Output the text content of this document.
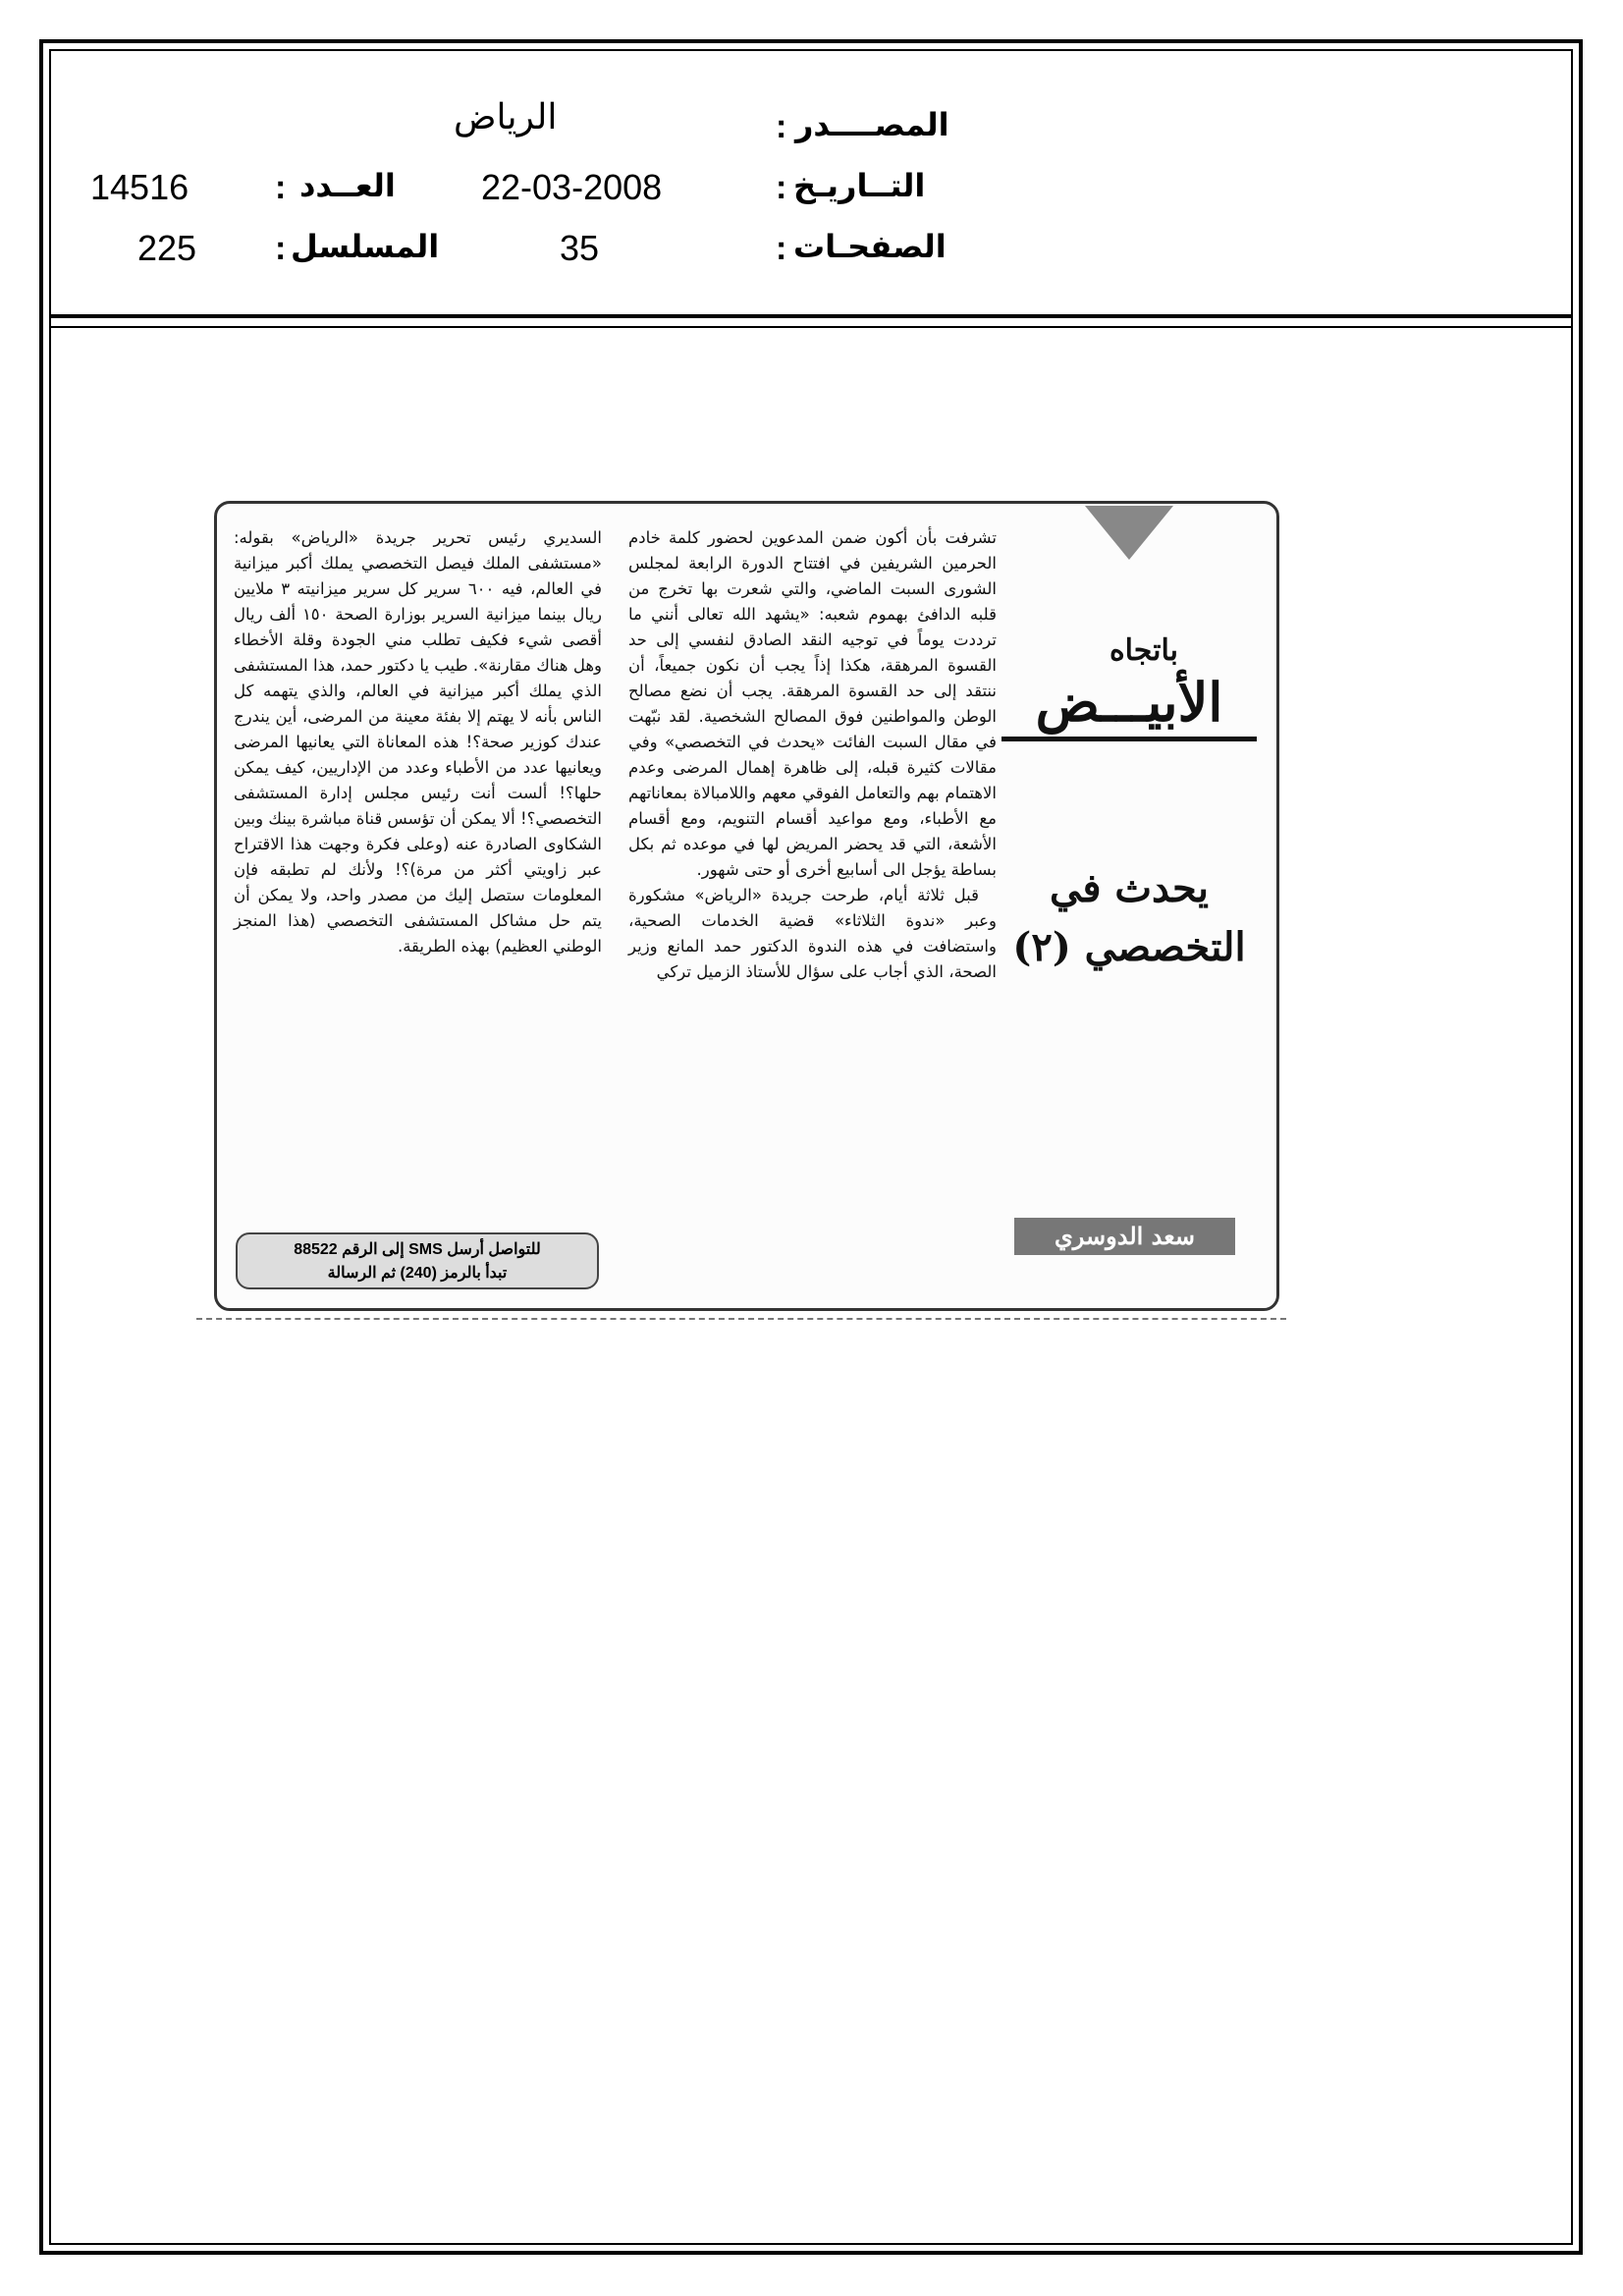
المصــــدر
:
الرياض
التــاريـخ
:
22-03-2008
العــدد
:
14516
الصفحـات
:
35
المسلسل
:
225
باتجاه
الأبيـــض
يحدث في التخصصي (٢)
سعد الدوسري

تشرفت بأن أكون ضمن المدعوين لحضور كلمة خادم الحرمين الشريفين في افتتاح الدورة الرابعة لمجلس الشورى السبت الماضي، والتي شعرت بها تخرج من قلبه الدافئ بهموم شعبه: «يشهد الله تعالى أنني ما ترددت يوماً في توجيه النقد الصادق لنفسي إلى حد القسوة المرهقة، هكذا إذاً يجب أن نكون جميعاً، أن ننتقد إلى حد القسوة المرهقة. يجب أن نضع مصالح الوطن والمواطنين فوق المصالح الشخصية. لقد نبّهت في مقال السبت الفائت «يحدث في التخصصي» وفي مقالات كثيرة قبله، إلى ظاهرة إهمال المرضى وعدم الاهتمام بهم والتعامل الفوقي معهم واللامبالاة بمعاناتهم مع الأطباء، ومع مواعيد أقسام التنويم، ومع أقسام الأشعة، التي قد يحضر المريض لها في موعده ثم بكل بساطة يؤجل الى أسابيع أخرى أو حتى شهور.

قبل ثلاثة أيام، طرحت جريدة «الرياض» مشكورة وعبر «ندوة الثلاثاء» قضية الخدمات الصحية، واستضافت في هذه الندوة الدكتور حمد المانع وزير الصحة، الذي أجاب على سؤال للأستاذ الزميل تركي

السديري رئيس تحرير جريدة «الرياض» بقوله: «مستشفى الملك فيصل التخصصي يملك أكبر ميزانية في العالم، فيه ٦٠٠ سرير كل سرير ميزانيته ٣ ملايين ريال بينما ميزانية السرير بوزارة الصحة ١٥٠ ألف ريال أقصى شيء فكيف تطلب مني الجودة وقلة الأخطاء وهل هناك مقارنة». طيب يا دكتور حمد، هذا المستشفى الذي يملك أكبر ميزانية في العالم، والذي يتهمه كل الناس بأنه لا يهتم إلا بفئة معينة من المرضى، أين يندرج عندك كوزير صحة؟! هذه المعاناة التي يعانيها المرضى ويعانيها عدد من الأطباء وعدد من الإداريين، كيف يمكن حلها؟! ألست أنت رئيس مجلس إدارة المستشفى التخصصي؟! ألا يمكن أن تؤسس قناة مباشرة بينك وبين الشكاوى الصادرة عنه (وعلى فكرة وجهت هذا الاقتراح عبر زاويتي أكثر من مرة)؟! ولأنك لم تطبقه فإن المعلومات ستصل إليك من مصدر واحد، ولا يمكن أن يتم حل مشاكل المستشفى التخصصي (هذا المنجز الوطني العظيم) بهذه الطريقة.

للتواصل أرسل SMS إلى الرقم 88522
تبدأ بالرمز (240) ثم الرسالة
